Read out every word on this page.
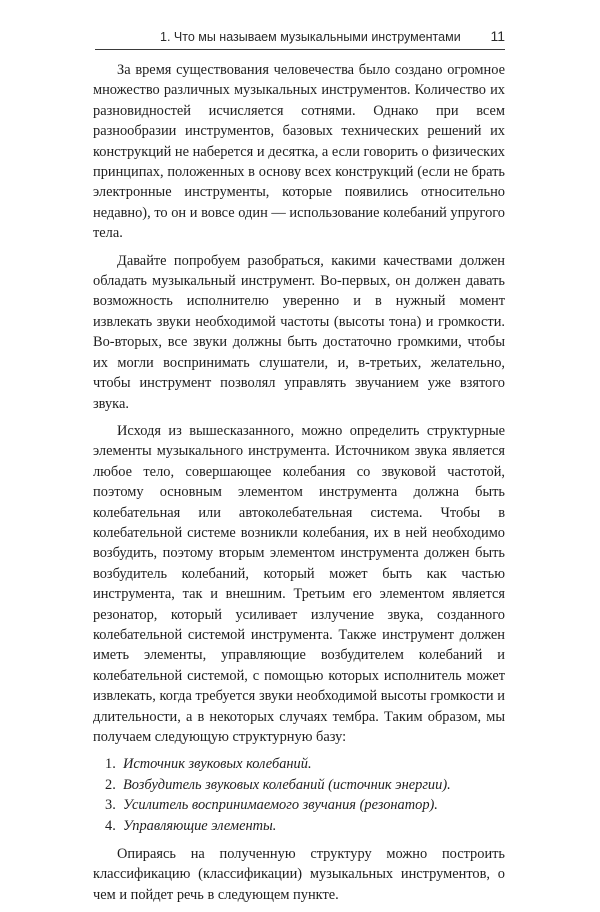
1. Что мы называем музыкальными инструментами 11

За время существования человечества было создано огромное множество различных музыкальных инструментов. Количество их разновидностей исчисляется сотнями. Однако при всем разнообразии инструментов, базовых технических решений их конструкций не наберется и десятка, а если говорить о физических принципах, положенных в основу всех конструкций (если не брать электронные инструменты, которые появились относительно недавно), то он и вовсе один — использование колебаний упругого тела.

Давайте попробуем разобраться, какими качествами должен обладать музыкальный инструмент. Во-первых, он должен давать возможность исполнителю уверенно и в нужный момент извлекать звуки необходимой частоты (высоты тона) и громкости. Во-вторых, все звуки должны быть достаточно громкими, чтобы их могли воспринимать слушатели, и, в-третьих, желательно, чтобы инструмент позволял управлять звучанием уже взятого звука.

Исходя из вышесказанного, можно определить структурные элементы музыкального инструмента. Источником звука является любое тело, совершающее колебания со звуковой частотой, поэтому основным элементом инструмента должна быть колебательная или автоколебательная система. Чтобы в колебательной системе возникли колебания, их в ней необходимо возбудить, поэтому вторым элементом инструмента должен быть возбудитель колебаний, который может быть как частью инструмента, так и внешним. Третьим его элементом является резонатор, который усиливает излучение звука, созданного колебательной системой инструмента. Также инструмент должен иметь элементы, управляющие возбудителем колебаний и колебательной системой, с помощью которых исполнитель может извлекать, когда требуется звуки необходимой высоты громкости и длительности, а в некоторых случаях тембра. Таким образом, мы получаем следующую структурную базу:

1. Источник звуковых колебаний.
2. Возбудитель звуковых колебаний (источник энергии).
3. Усилитель воспринимаемого звучания (резонатор).
4. Управляющие элементы.

Опираясь на полученную структуру можно построить классификацию (классификации) музыкальных инструментов, о чем и пойдет речь в следующем пункте.
